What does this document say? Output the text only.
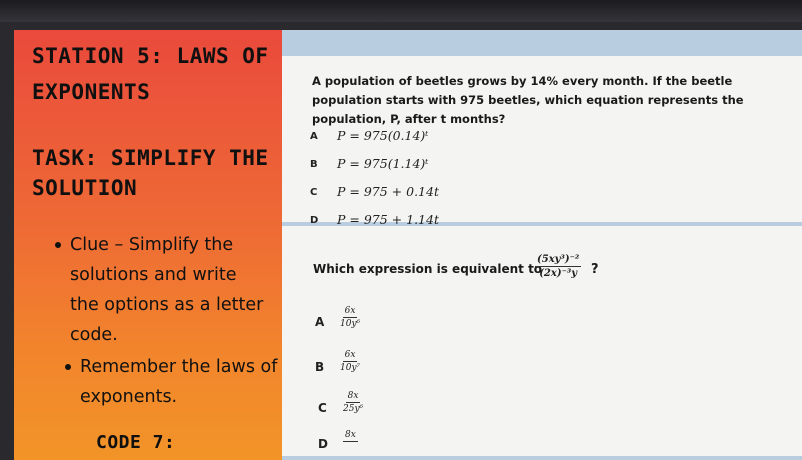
STATION 5: LAWS OF
EXPONENTS
TASK: SIMPLIFY THE
SOLUTION
Clue – Simplify the
solutions and write
the options as a letter
code.
Remember the laws of
exponents.
CODE 7:
A population of beetles grows by 14% every month. If the beetle population starts with 975 beetles, which equation represents the population, P, after t months?
A P = 975(0.14)ᵗ
B P = 975(1.14)ᵗ
C P = 975 + 0.14t
D P = 975 + 1.14t
Which expression is equivalent to
$\frac{\text{(5xy³)⁻²}}{\text{(2x)⁻³y}}$ ?
A $\frac{6x}{\text{10y⁶}}$
B $\frac{6x}{\text{10y⁷}}$
C $\frac{8x}{\text{25y⁶}}$
D
8x
